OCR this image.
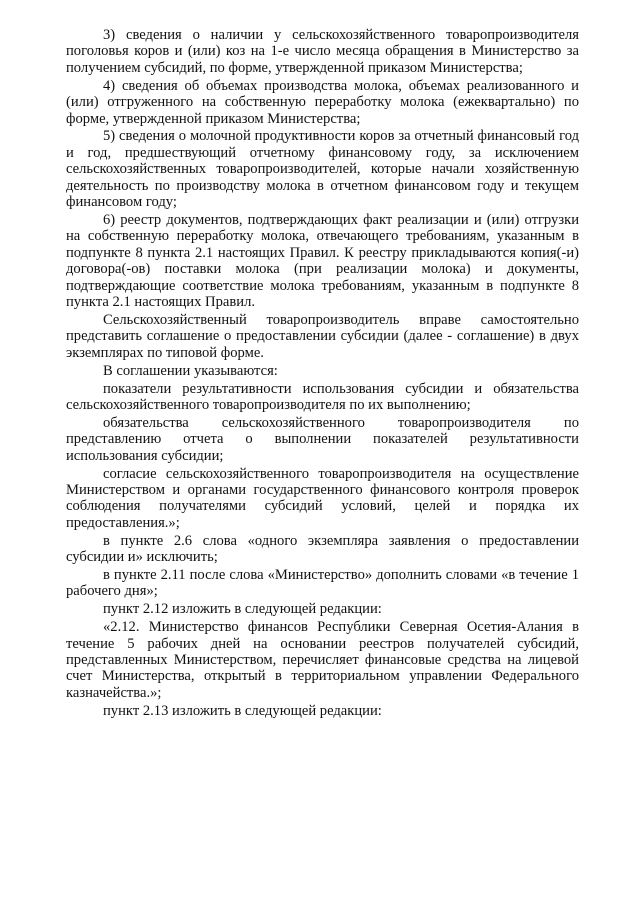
3) сведения о наличии у сельскохозяйственного товаропроизводителя поголовья коров и (или) коз на 1-е число месяца обращения в Министерство за получением субсидий, по форме, утвержденной приказом Министерства;

4) сведения об объемах производства молока, объемах реализованного и (или) отгруженного на собственную переработку молока (ежеквартально) по форме, утвержденной приказом Министерства;

5) сведения о молочной продуктивности коров за отчетный финансовый год и год, предшествующий отчетному финансовому году, за исключением сельскохозяйственных товаропроизводителей, которые начали хозяйственную деятельность по производству молока в отчетном финансовом году и текущем финансовом году;

6) реестр документов, подтверждающих факт реализации и (или) отгрузки на собственную переработку молока, отвечающего требованиям, указанным в подпункте 8 пункта 2.1 настоящих Правил. К реестру прикладываются копия(-и) договора(-ов) поставки молока (при реализации молока) и документы, подтверждающие соответствие молока требованиям, указанным в подпункте 8 пункта 2.1 настоящих Правил.

Сельскохозяйственный товаропроизводитель вправе самостоятельно представить соглашение о предоставлении субсидии (далее - соглашение) в двух экземплярах по типовой форме.

В соглашении указываются:

показатели результативности использования субсидии и обязательства сельскохозяйственного товаропроизводителя по их выполнению;

обязательства сельскохозяйственного товаропроизводителя по представлению отчета о выполнении показателей результативности использования субсидии;

согласие сельскохозяйственного товаропроизводителя на осуществление Министерством и органами государственного финансового контроля проверок соблюдения получателями субсидий условий, целей и порядка их предоставления.»;

в пункте 2.6 слова «одного экземпляра заявления о предоставлении субсидии и» исключить;

в пункте 2.11 после слова «Министерство» дополнить словами «в течение 1 рабочего дня»;

пункт 2.12 изложить в следующей редакции:

«2.12. Министерство финансов Республики Северная Осетия-Алания в течение 5 рабочих дней на основании реестров получателей субсидий, представленных Министерством, перечисляет финансовые средства на лицевой счет Министерства, открытый в территориальном управлении Федерального казначейства.»;

пункт 2.13 изложить в следующей редакции:
